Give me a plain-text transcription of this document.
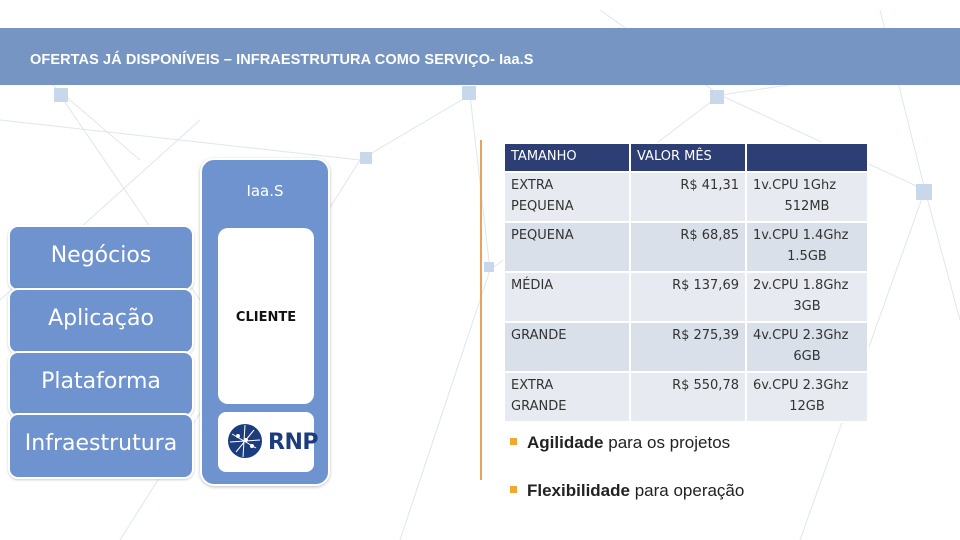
OFERTAS JÁ DISPONÍVEIS – INFRAESTRUTURA COMO SERVIÇO- Iaa.S
Negócios
Aplicação
Plataforma
Infraestrutura
Iaa.S
CLIENTE
RNP
TAMANHO	VALOR MÊS	
EXTRA
PEQUENA	R$ 41,31	1v.CPU 1Ghz
512MB

PEQUENA	R$ 68,85	1v.CPU 1.4Ghz
1.5GB

MÉDIA	R$ 137,69	2v.CPU 1.8Ghz
3GB

GRANDE	R$ 275,39	4v.CPU 2.3Ghz
6GB

EXTRA
GRANDE	R$ 550,78	6v.CPU 2.3Ghz
12GB
Agilidade para os projetos
Flexibilidade para operação
